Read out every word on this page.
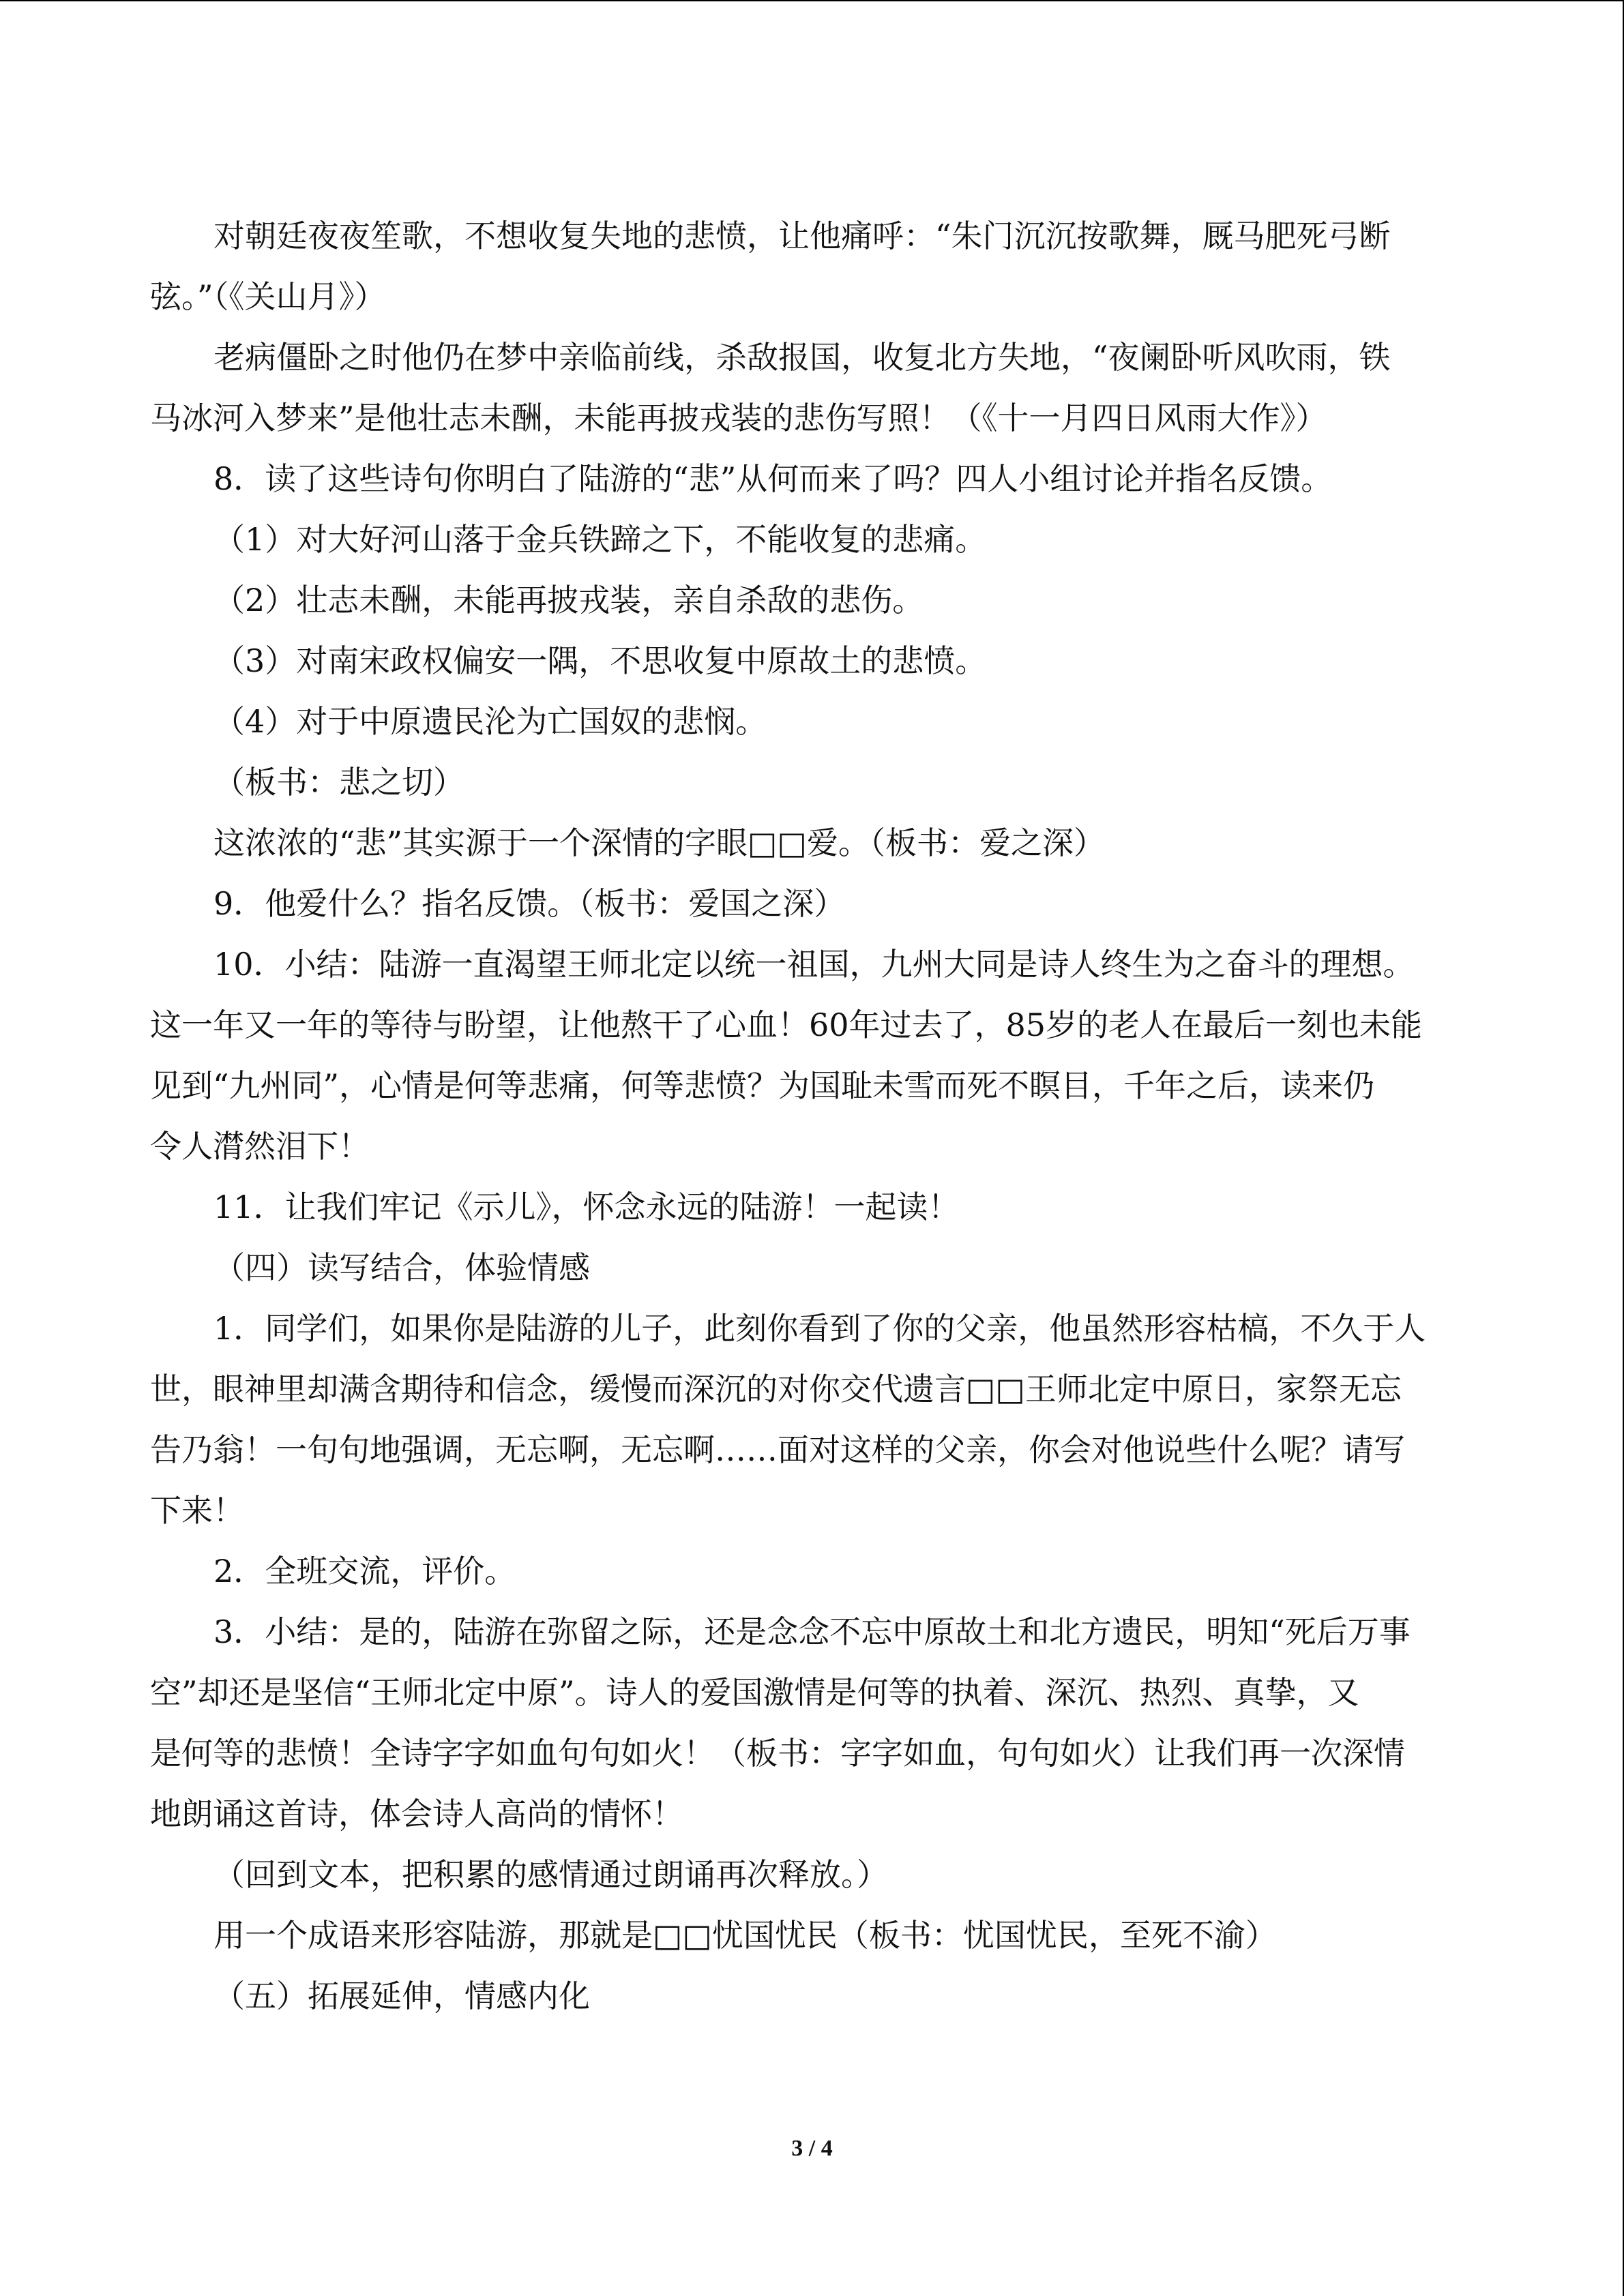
对朝廷夜夜笙歌，不想收复失地的悲愤，让他痛呼：“朱门沉沉按歌舞，厩马肥死弓断
弦。”（《关山月》）
老病僵卧之时他仍在梦中亲临前线，杀敌报国，收复北方失地，“夜阑卧听风吹雨，铁
马冰河入梦来”是他壮志未酬，未能再披戎装的悲伤写照！（《十一月四日风雨大作》）
8．读了这些诗句你明白了陆游的“悲”从何而来了吗？四人小组讨论并指名反馈。
（1）对大好河山落于金兵铁蹄之下，不能收复的悲痛。
（2）壮志未酬，未能再披戎装，亲自杀敌的悲伤。
（3）对南宋政权偏安一隅，不思收复中原故土的悲愤。
（4）对于中原遗民沦为亡国奴的悲悯。
（板书：悲之切）
这浓浓的“悲”其实源于一个深情的字眼□□爱。（板书：爱之深）
9．他爱什么？指名反馈。（板书：爱国之深）
10．小结：陆游一直渴望王师北定以统一祖国，九州大同是诗人终生为之奋斗的理想。
这一年又一年的等待与盼望，让他熬干了心血！60年过去了，85岁的老人在最后一刻也未能
见到“九州同”，心情是何等悲痛，何等悲愤？为国耻未雪而死不瞑目，千年之后，读来仍
令人潸然泪下！
11．让我们牢记《示儿》，怀念永远的陆游！一起读！
（四）读写结合，体验情感
1．同学们，如果你是陆游的儿子，此刻你看到了你的父亲，他虽然形容枯槁，不久于人
世，眼神里却满含期待和信念，缓慢而深沉的对你交代遗言□□王师北定中原日，家祭无忘
告乃翁！一句句地强调，无忘啊，无忘啊……面对这样的父亲，你会对他说些什么呢？请写
下来！
2．全班交流，评价。
3．小结：是的，陆游在弥留之际，还是念念不忘中原故土和北方遗民，明知“死后万事
空”却还是坚信“王师北定中原”。诗人的爱国激情是何等的执着、深沉、热烈、真挚，又
是何等的悲愤！全诗字字如血句句如火！（板书：字字如血，句句如火）让我们再一次深情
地朗诵这首诗，体会诗人高尚的情怀！
（回到文本，把积累的感情通过朗诵再次释放。）
用一个成语来形容陆游，那就是□□忧国忧民（板书：忧国忧民，至死不渝）
（五）拓展延伸，情感内化
3 / 4
